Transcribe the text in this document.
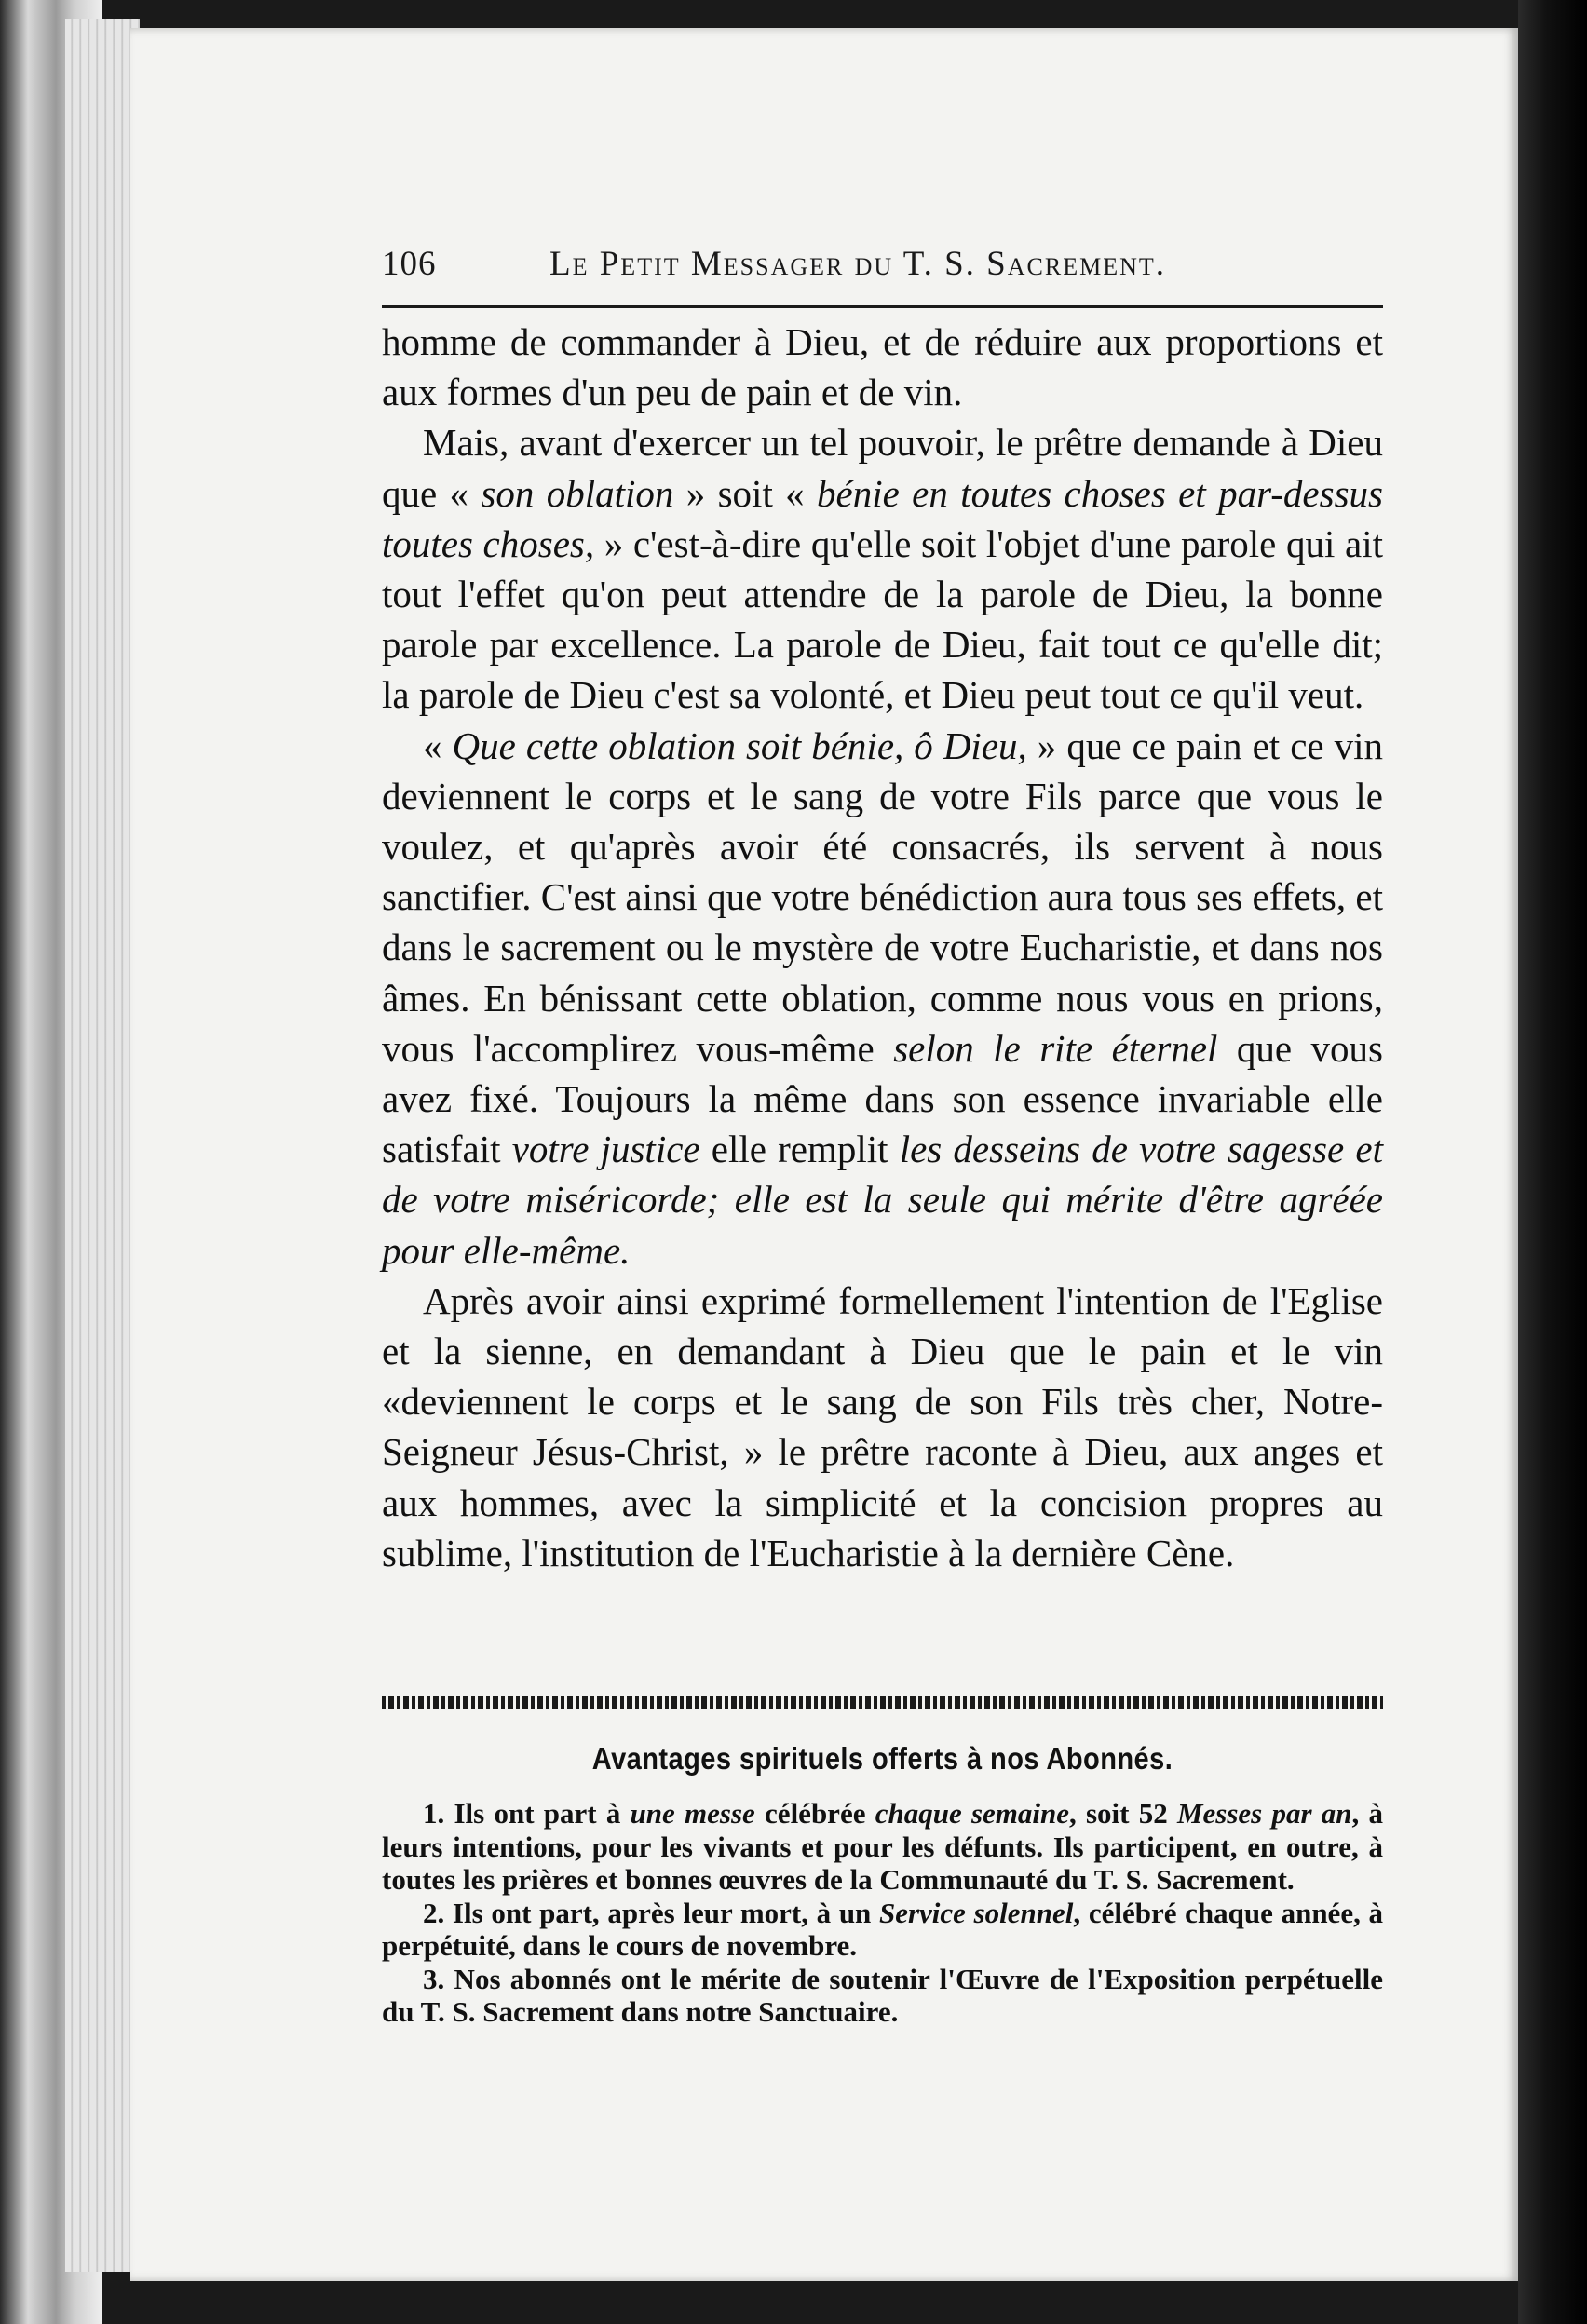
106	Le Petit Messager du T. S. Sacrement.

homme de commander à Dieu, et de réduire aux proportions et aux formes d'un peu de pain et de vin.

Mais, avant d'exercer un tel pouvoir, le prêtre demande à Dieu que « son oblation » soit « bénie en toutes choses et par-dessus toutes choses, » c'est-à-dire qu'elle soit l'objet d'une parole qui ait tout l'effet qu'on peut attendre de la parole de Dieu, la bonne parole par excellence. La parole de Dieu, fait tout ce qu'elle dit; la parole de Dieu c'est sa volonté, et Dieu peut tout ce qu'il veut.

« Que cette oblation soit bénie, ô Dieu, » que ce pain et ce vin deviennent le corps et le sang de votre Fils parce que vous le voulez, et qu'après avoir été consacrés, ils servent à nous sanctifier. C'est ainsi que votre bénédiction aura tous ses effets, et dans le sacrement ou le mystère de votre Eucharistie, et dans nos âmes. En bénissant cette oblation, comme nous vous en prions, vous l'accomplirez vous-même selon le rite éternel que vous avez fixé. Toujours la même dans son essence invariable elle satisfait votre justice elle remplit les desseins de votre sagesse et de votre miséricorde; elle est la seule qui mérite d'être agréée pour elle-même.

Après avoir ainsi exprimé formellement l'intention de l'Eglise et la sienne, en demandant à Dieu que le pain et le vin «deviennent le corps et le sang de son Fils très cher, Notre-Seigneur Jésus-Christ, » le prêtre raconte à Dieu, aux anges et aux hommes, avec la simplicité et la concision propres au sublime, l'institution de l'Eucharistie à la dernière Cène.

Avantages spirituels offerts à nos Abonnés.

1. Ils ont part à une messe célébrée chaque semaine, soit 52 Messes par an, à leurs intentions, pour les vivants et pour les défunts. Ils participent, en outre, à toutes les prières et bonnes œuvres de la Communauté du T. S. Sacrement.

2. Ils ont part, après leur mort, à un Service solennel, célébré chaque année, à perpétuité, dans le cours de novembre.

3. Nos abonnés ont le mérite de soutenir l'Œuvre de l'Exposition perpétuelle du T. S. Sacrement dans notre Sanctuaire.
